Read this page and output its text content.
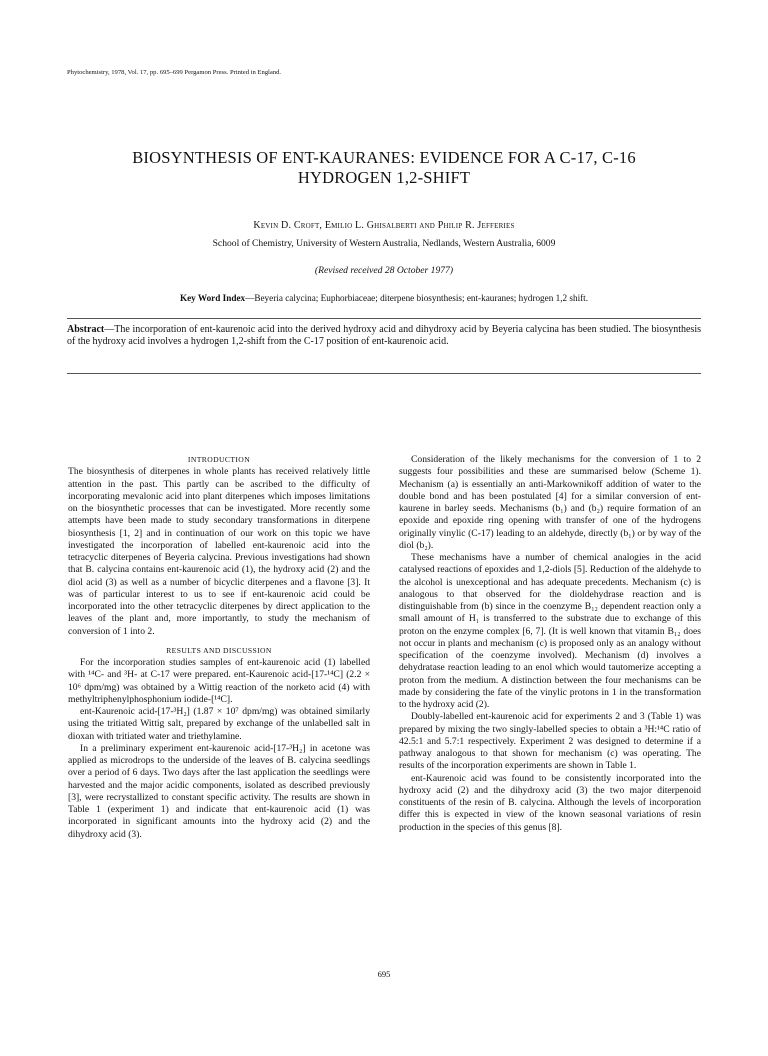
Phytochemistry, 1978, Vol. 17, pp. 695–699 Pergamon Press. Printed in England.
BIOSYNTHESIS OF ENT-KAURANES: EVIDENCE FOR A C-17, C-16
HYDROGEN 1,2-SHIFT
Kevin D. Croft, Emilio L. Ghisalberti and Philip R. Jefferies
School of Chemistry, University of Western Australia, Nedlands, Western Australia, 6009
(Revised received 28 October 1977)
Key Word Index—Beyeria calycina; Euphorbiaceae; diterpene biosynthesis; ent-kauranes; hydrogen 1,2 shift.
Abstract—The incorporation of ent-kaurenoic acid into the derived hydroxy acid and dihydroxy acid by Beyeria calycina has been studied. The biosynthesis of the hydroxy acid involves a hydrogen 1,2-shift from the C-17 position of ent-kaurenoic acid.

INTRODUCTION

The biosynthesis of diterpenes in whole plants has received relatively little attention in the past. This partly can be ascribed to the difficulty of incorporating mevalonic acid into plant diterpenes which imposes limitations on the biosynthetic processes that can be investigated. More recently some attempts have been made to study secondary transformations in diterpene biosynthesis [1, 2] and in continuation of our work on this topic we have investigated the incorporation of labelled ent-kaurenoic acid into the tetracyclic diterpenes of Beyeria calycina. Previous investigations had shown that B. calycina contains ent-kaurenoic acid (1), the hydroxy acid (2) and the diol acid (3) as well as a number of bicyclic diterpenes and a flavone [3]. It was of particular interest to us to see if ent-kaurenoic acid could be incorporated into the other tetracyclic diterpenes by direct application to the leaves of the plant and, more importantly, to study the mechanism of conversion of 1 into 2.

RESULTS AND DISCUSSION

For the incorporation studies samples of ent-kaurenoic acid (1) labelled with ¹⁴C- and ³H- at C-17 were prepared. ent-Kaurenoic acid-[17-¹⁴C] (2.2 × 10⁶ dpm/mg) was obtained by a Wittig reaction of the norketo acid (4) with methyltriphenylphosphonium iodide-[¹⁴C].

ent-Kaurenoic acid-[17-³H₂] (1.87 × 10⁷ dpm/mg) was obtained similarly using the tritiated Wittig salt, prepared by exchange of the unlabelled salt in dioxan with tritiated water and triethylamine.

In a preliminary experiment ent-kaurenoic acid-[17-³H₂] in acetone was applied as microdrops to the underside of the leaves of B. calycina seedlings over a period of 6 days. Two days after the last application the seedlings were harvested and the major acidic components, isolated as described previously [3], were recrystallized to constant specific activity. The results are shown in Table 1 (experiment 1) and indicate that ent-kaurenoic acid (1) was incorporated in significant amounts into the hydroxy acid (2) and the dihydroxy acid (3).

Consideration of the likely mechanisms for the conversion of 1 to 2 suggests four possibilities and these are summarised below (Scheme 1). Mechanism (a) is essentially an anti-Markownikoff addition of water to the double bond and has been postulated [4] for a similar conversion of ent-kaurene in barley seeds. Mechanisms (b₁) and (b₂) require formation of an epoxide and epoxide ring opening with transfer of one of the hydrogens originally vinylic (C-17) leading to an aldehyde, directly (b₁) or by way of the diol (b₂).

These mechanisms have a number of chemical analogies in the acid catalysed reactions of epoxides and 1,2-diols [5]. Reduction of the aldehyde to the alcohol is unexceptional and has adequate precedents. Mechanism (c) is analogous to that observed for the dioldehydrase reaction and is distinguishable from (b) since in the coenzyme B₁₂ dependent reaction only a small amount of H₁ is transferred to the substrate due to exchange of this proton on the enzyme complex [6, 7]. (It is well known that vitamin B₁₂ does not occur in plants and mechanism (c) is proposed only as an analogy without specification of the coenzyme involved). Mechanism (d) involves a dehydratase reaction leading to an enol which would tautomerize accepting a proton from the medium. A distinction between the four mechanisms can be made by considering the fate of the vinylic protons in 1 in the transformation to the hydroxy acid (2).

Doubly-labelled ent-kaurenoic acid for experiments 2 and 3 (Table 1) was prepared by mixing the two singly-labelled species to obtain a ³H:¹⁴C ratio of 42.5:1 and 5.7:1 respectively. Experiment 2 was designed to determine if a pathway analogous to that shown for mechanism (c) was operating. The results of the incorporation experiments are shown in Table 1.

ent-Kaurenoic acid was found to be consistently incorporated into the hydroxy acid (2) and the dihydroxy acid (3) the two major diterpenoid constituents of the resin of B. calycina. Although the levels of incorporation differ this is expected in view of the known seasonal variations of resin production in the species of this genus [8].

695
